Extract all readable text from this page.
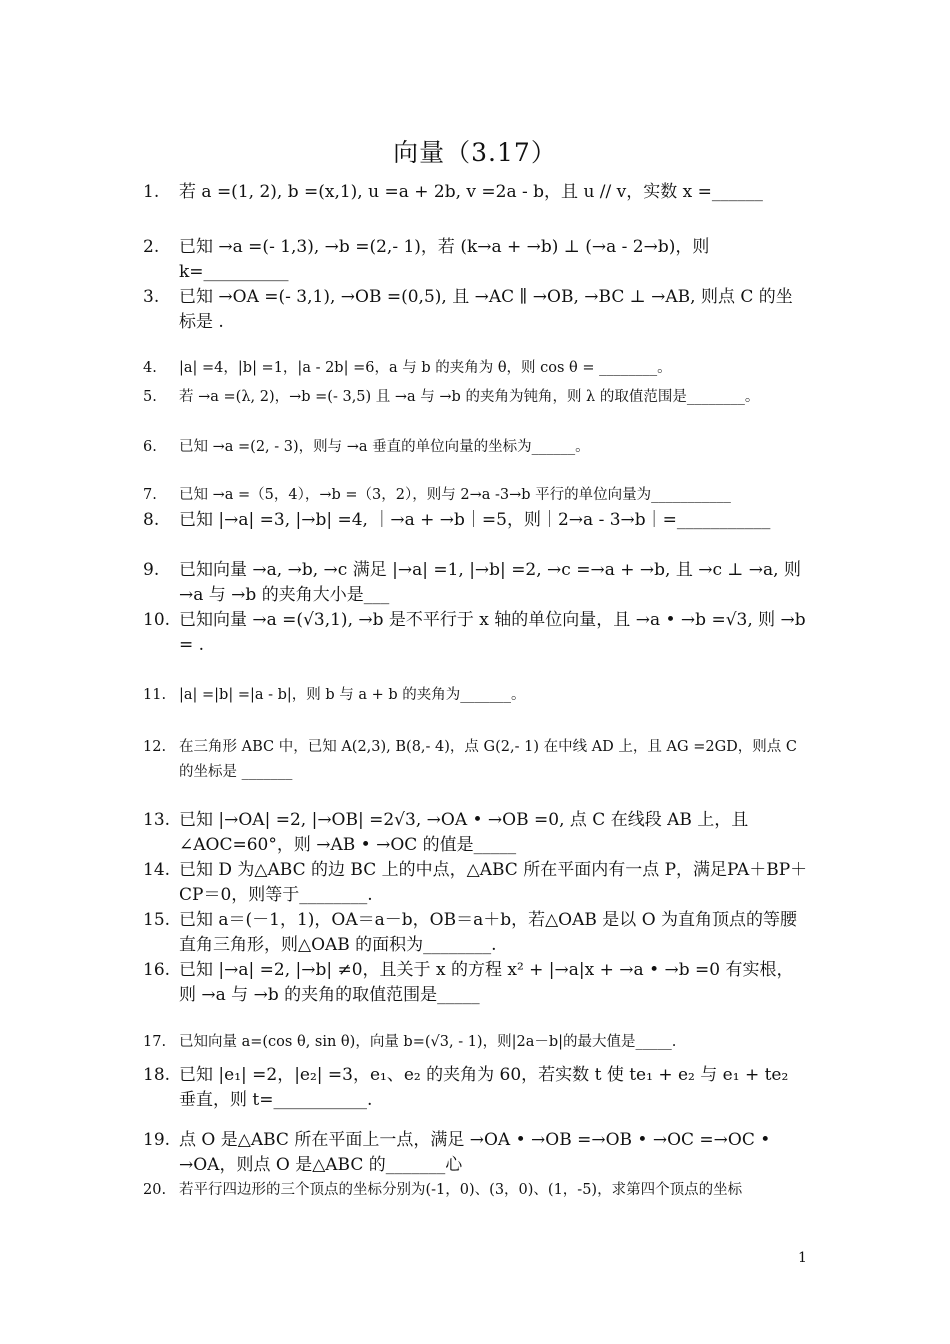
向量（3.17）
1.	若 a =(1, 2), b =(x,1), u =a + 2b, v =2a - b，且 u // v，实数 x =______
2.	已知 →a =(- 1,3), →b =(2,- 1)，若 (k→a + →b) ⊥ (→a - 2→b)，则 k=__________
3.	已知 →OA =(- 3,1), →OB =(0,5), 且 →AC ∥ →OB, →BC ⊥ →AB, 则点 C 的坐标是 .
4.	|a| =4，|b| =1，|a - 2b| =6，a 与 b 的夹角为 θ，则 cos θ = ________。
5.	若 →a =(λ, 2)，→b =(- 3,5) 且 →a 与 →b 的夹角为钝角，则 λ 的取值范围是________。
6.	已知 →a =(2, - 3)，则与 →a 垂直的单位向量的坐标为______。
7.	已知 →a =（5，4），→b =（3，2），则与 2→a -3→b 平行的单位向量为___________
8.	已知 |→a| =3, |→b| =4, ｜→a + →b｜=5，则｜2→a - 3→b｜=___________
9.	已知向量 →a, →b, →c 满足 |→a| =1, |→b| =2, →c =→a + →b, 且 →c ⊥ →a, 则 →a 与 →b 的夹角大小是___
10. 已知向量 →a =(√3,1), →b 是不平行于 x 轴的单位向量，且 →a • →b =√3, 则 →b = .
11. |a| =|b| =|a - b|，则 b 与 a + b 的夹角为_______。
12. 在三角形 ABC 中，已知 A(2,3), B(8,- 4)，点 G(2,- 1) 在中线 AD 上，且 AG =2GD，则点 C 的坐标是 _______
13. 已知 |→OA| =2, |→OB| =2√3, →OA • →OB =0, 点 C 在线段 AB 上，且∠AOC=60°，则 →AB • →OC 的值是_____
14. 已知 D 为△ABC 的边 BC 上的中点，△ABC 所在平面内有一点 P，满足PA＋BP＋CP＝0，则等于________.
15. 已知 a＝(－1，1)，OA＝a－b，OB＝a＋b，若△OAB 是以 O 为直角顶点的等腰直角三角形，则△OAB 的面积为________.
16. 已知 |→a| =2, |→b| ≠0，且关于 x 的方程 x² + |→a|x + →a • →b =0 有实根，则 →a 与 →b 的夹角的取值范围是_____
17. 已知向量 a=(cos θ, sin θ)，向量 b=(√3, - 1)，则|2a－b|的最大值是_____.
18. 已知 |e₁| =2，|e₂| =3，e₁、e₂ 的夹角为 60，若实数 t 使 te₁ + e₂ 与 e₁ + te₂ 垂直，则 t=___________.
19. 点 O 是△ABC 所在平面上一点，满足 →OA • →OB =→OB • →OC =→OC • →OA，则点 O 是△ABC 的_______心
20. 若平行四边形的三个顶点的坐标分别为(-1，0)、(3，0)、(1，-5)，求第四个顶点的坐标
1
